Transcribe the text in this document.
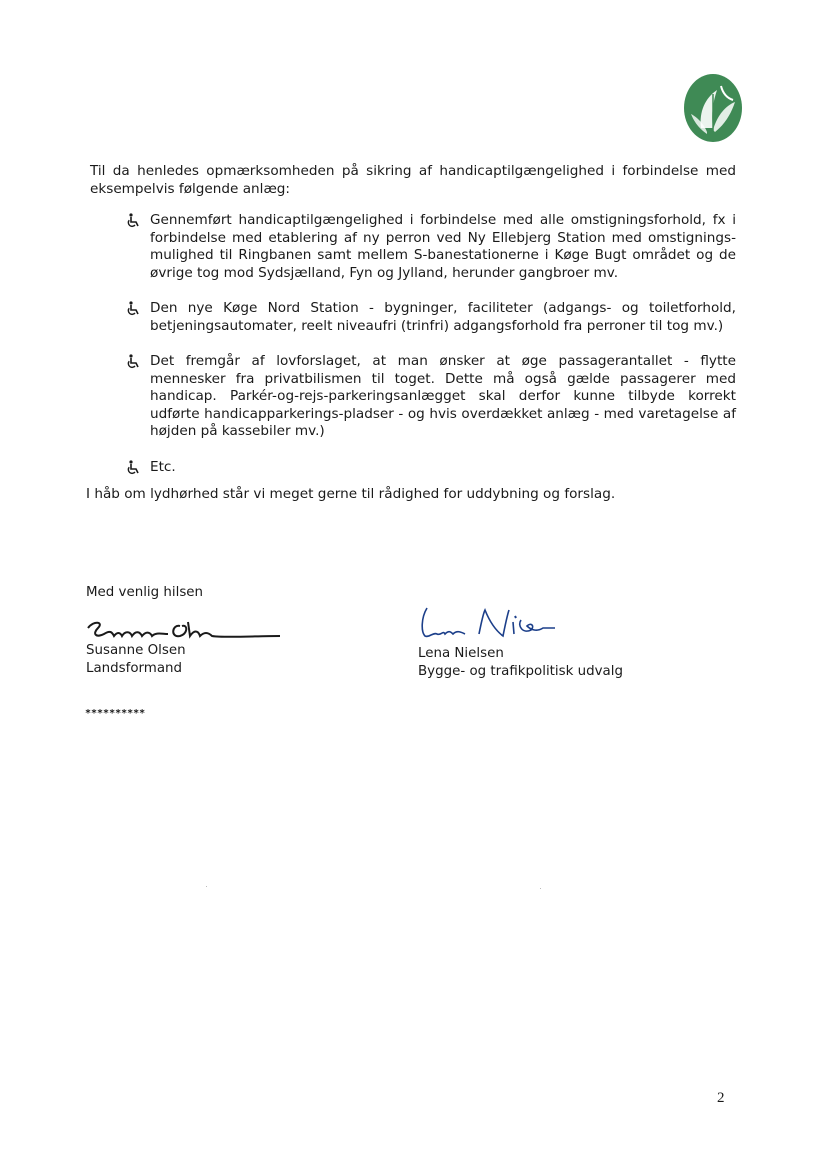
Til da henledes opmærksomheden på sikring af handicaptilgængelighed i forbindelse med eksempelvis følgende anlæg:
Gennemført handicaptilgængelighed i forbindelse med alle omstigningsforhold, fx i forbindelse med etablering af ny perron ved Ny Ellebjerg Station med omstignings-mulighed til Ringbanen samt mellem S-banestationerne i Køge Bugt området og de øvrige tog mod Sydsjælland, Fyn og Jylland, herunder gangbroer mv.
Den nye Køge Nord Station - bygninger, faciliteter (adgangs- og toiletforhold, betjeningsautomater, reelt niveaufri (trinfri) adgangsforhold fra perroner til tog mv.)
Det fremgår af lovforslaget, at man ønsker at øge passagerantallet - flytte mennesker fra privatbilismen til toget. Dette må også gælde passagerer med handicap. Parkér-og-rejs-parkeringsanlægget skal derfor kunne tilbyde korrekt udførte handicapparkerings-pladser - og hvis overdækket anlæg - med varetagelse af højden på kassebiler mv.)
Etc.
I håb om lydhørhed står vi meget gerne til rådighed for uddybning og forslag.
Med venlig hilsen
Susanne Olsen
Landsformand
Lena Nielsen
Bygge- og trafikpolitisk udvalg
**********
2
